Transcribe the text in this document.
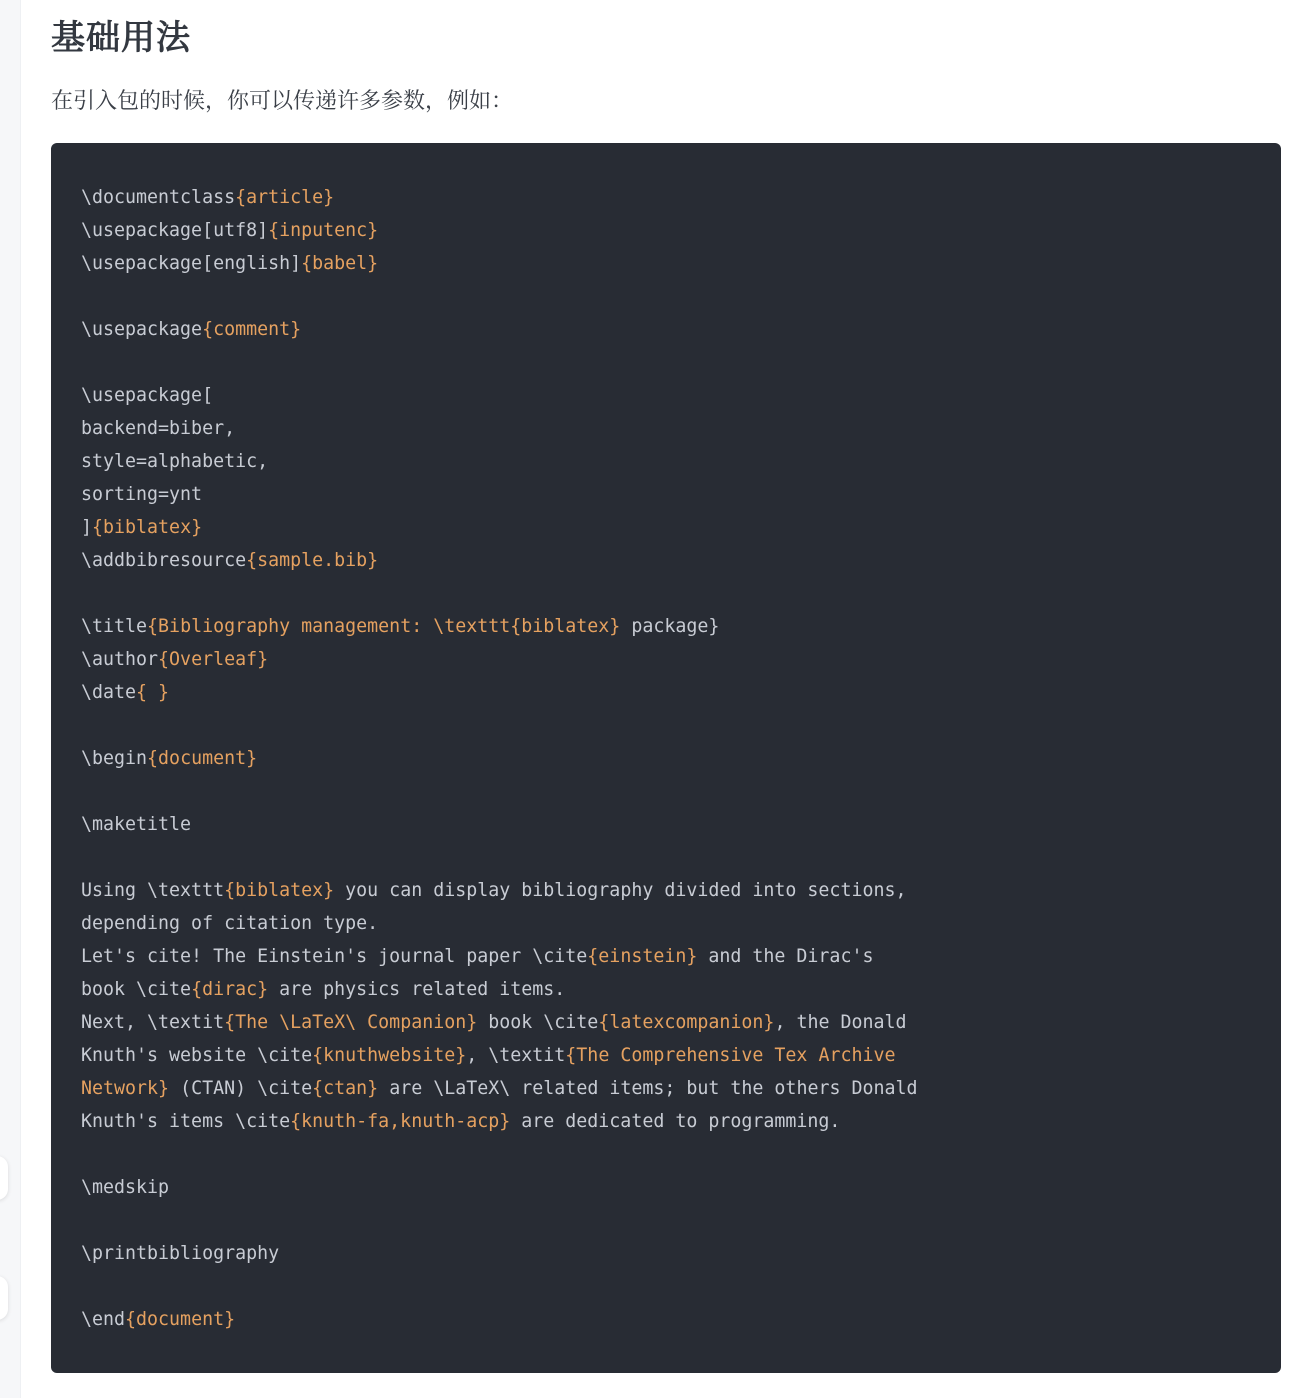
基础用法

在引入包的时候，你可以传递许多参数，例如：

\documentclass{article}
\usepackage[utf8]{inputenc}
\usepackage[english]{babel}
\usepackage{comment}
\usepackage[
backend=biber,
style=alphabetic,
sorting=ynt
]{biblatex}
\addbibresource{sample.bib}
\title{Bibliography management: \texttt{biblatex} package}
\author{Overleaf}
\date{ }
\begin{document}
\maketitle
Using \texttt{biblatex} you can display bibliography divided into sections,
depending of citation type.
Let's cite! The Einstein's journal paper \cite{einstein} and the Dirac's
book \cite{dirac} are physics related items.
Next, \textit{The \LaTeX\ Companion} book \cite{latexcompanion}, the Donald
Knuth's website \cite{knuthwebsite}, \textit{The Comprehensive Tex Archive
Network} (CTAN) \cite{ctan} are \LaTeX\ related items; but the others Donald
Knuth's items \cite{knuth-fa,knuth-acp} are dedicated to programming.
\medskip
\printbibliography
\end{document}
